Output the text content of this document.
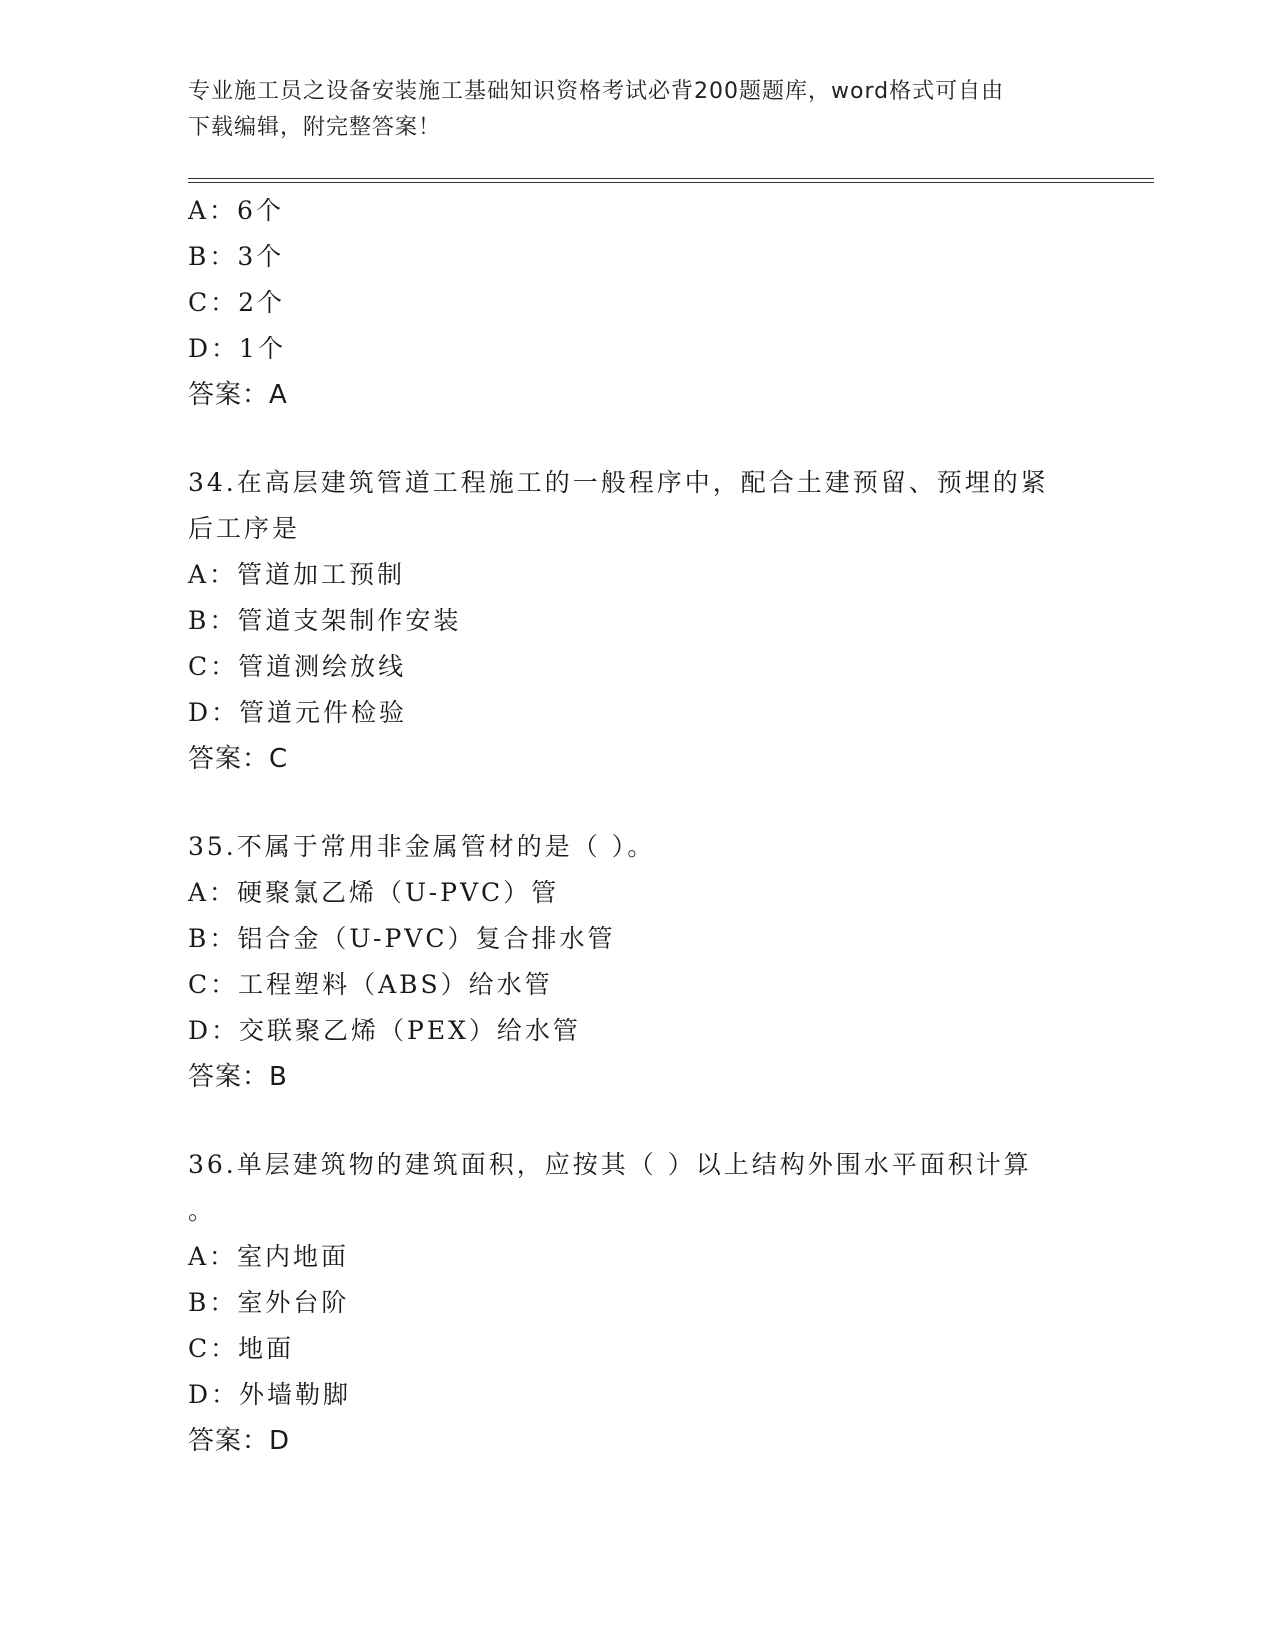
专业施工员之设备安装施工基础知识资格考试必背200题题库，word格式可自由
下载编辑，附完整答案！
A：6个
B：3个
C：2个
D：1个
答案：A
34.在高层建筑管道工程施工的一般程序中，配合土建预留、预埋的紧
后工序是
A：管道加工预制
B：管道支架制作安装
C：管道测绘放线
D：管道元件检验
答案：C
35.不属于常用非金属管材的是（ ）。
A：硬聚氯乙烯（U-PVC）管
B：铝合金（U-PVC）复合排水管
C：工程塑料（ABS）给水管
D：交联聚乙烯（PEX）给水管
答案：B
36.单层建筑物的建筑面积，应按其（ ）以上结构外围水平面积计算
。
A：室内地面
B：室外台阶
C：地面
D：外墙勒脚
答案：D
